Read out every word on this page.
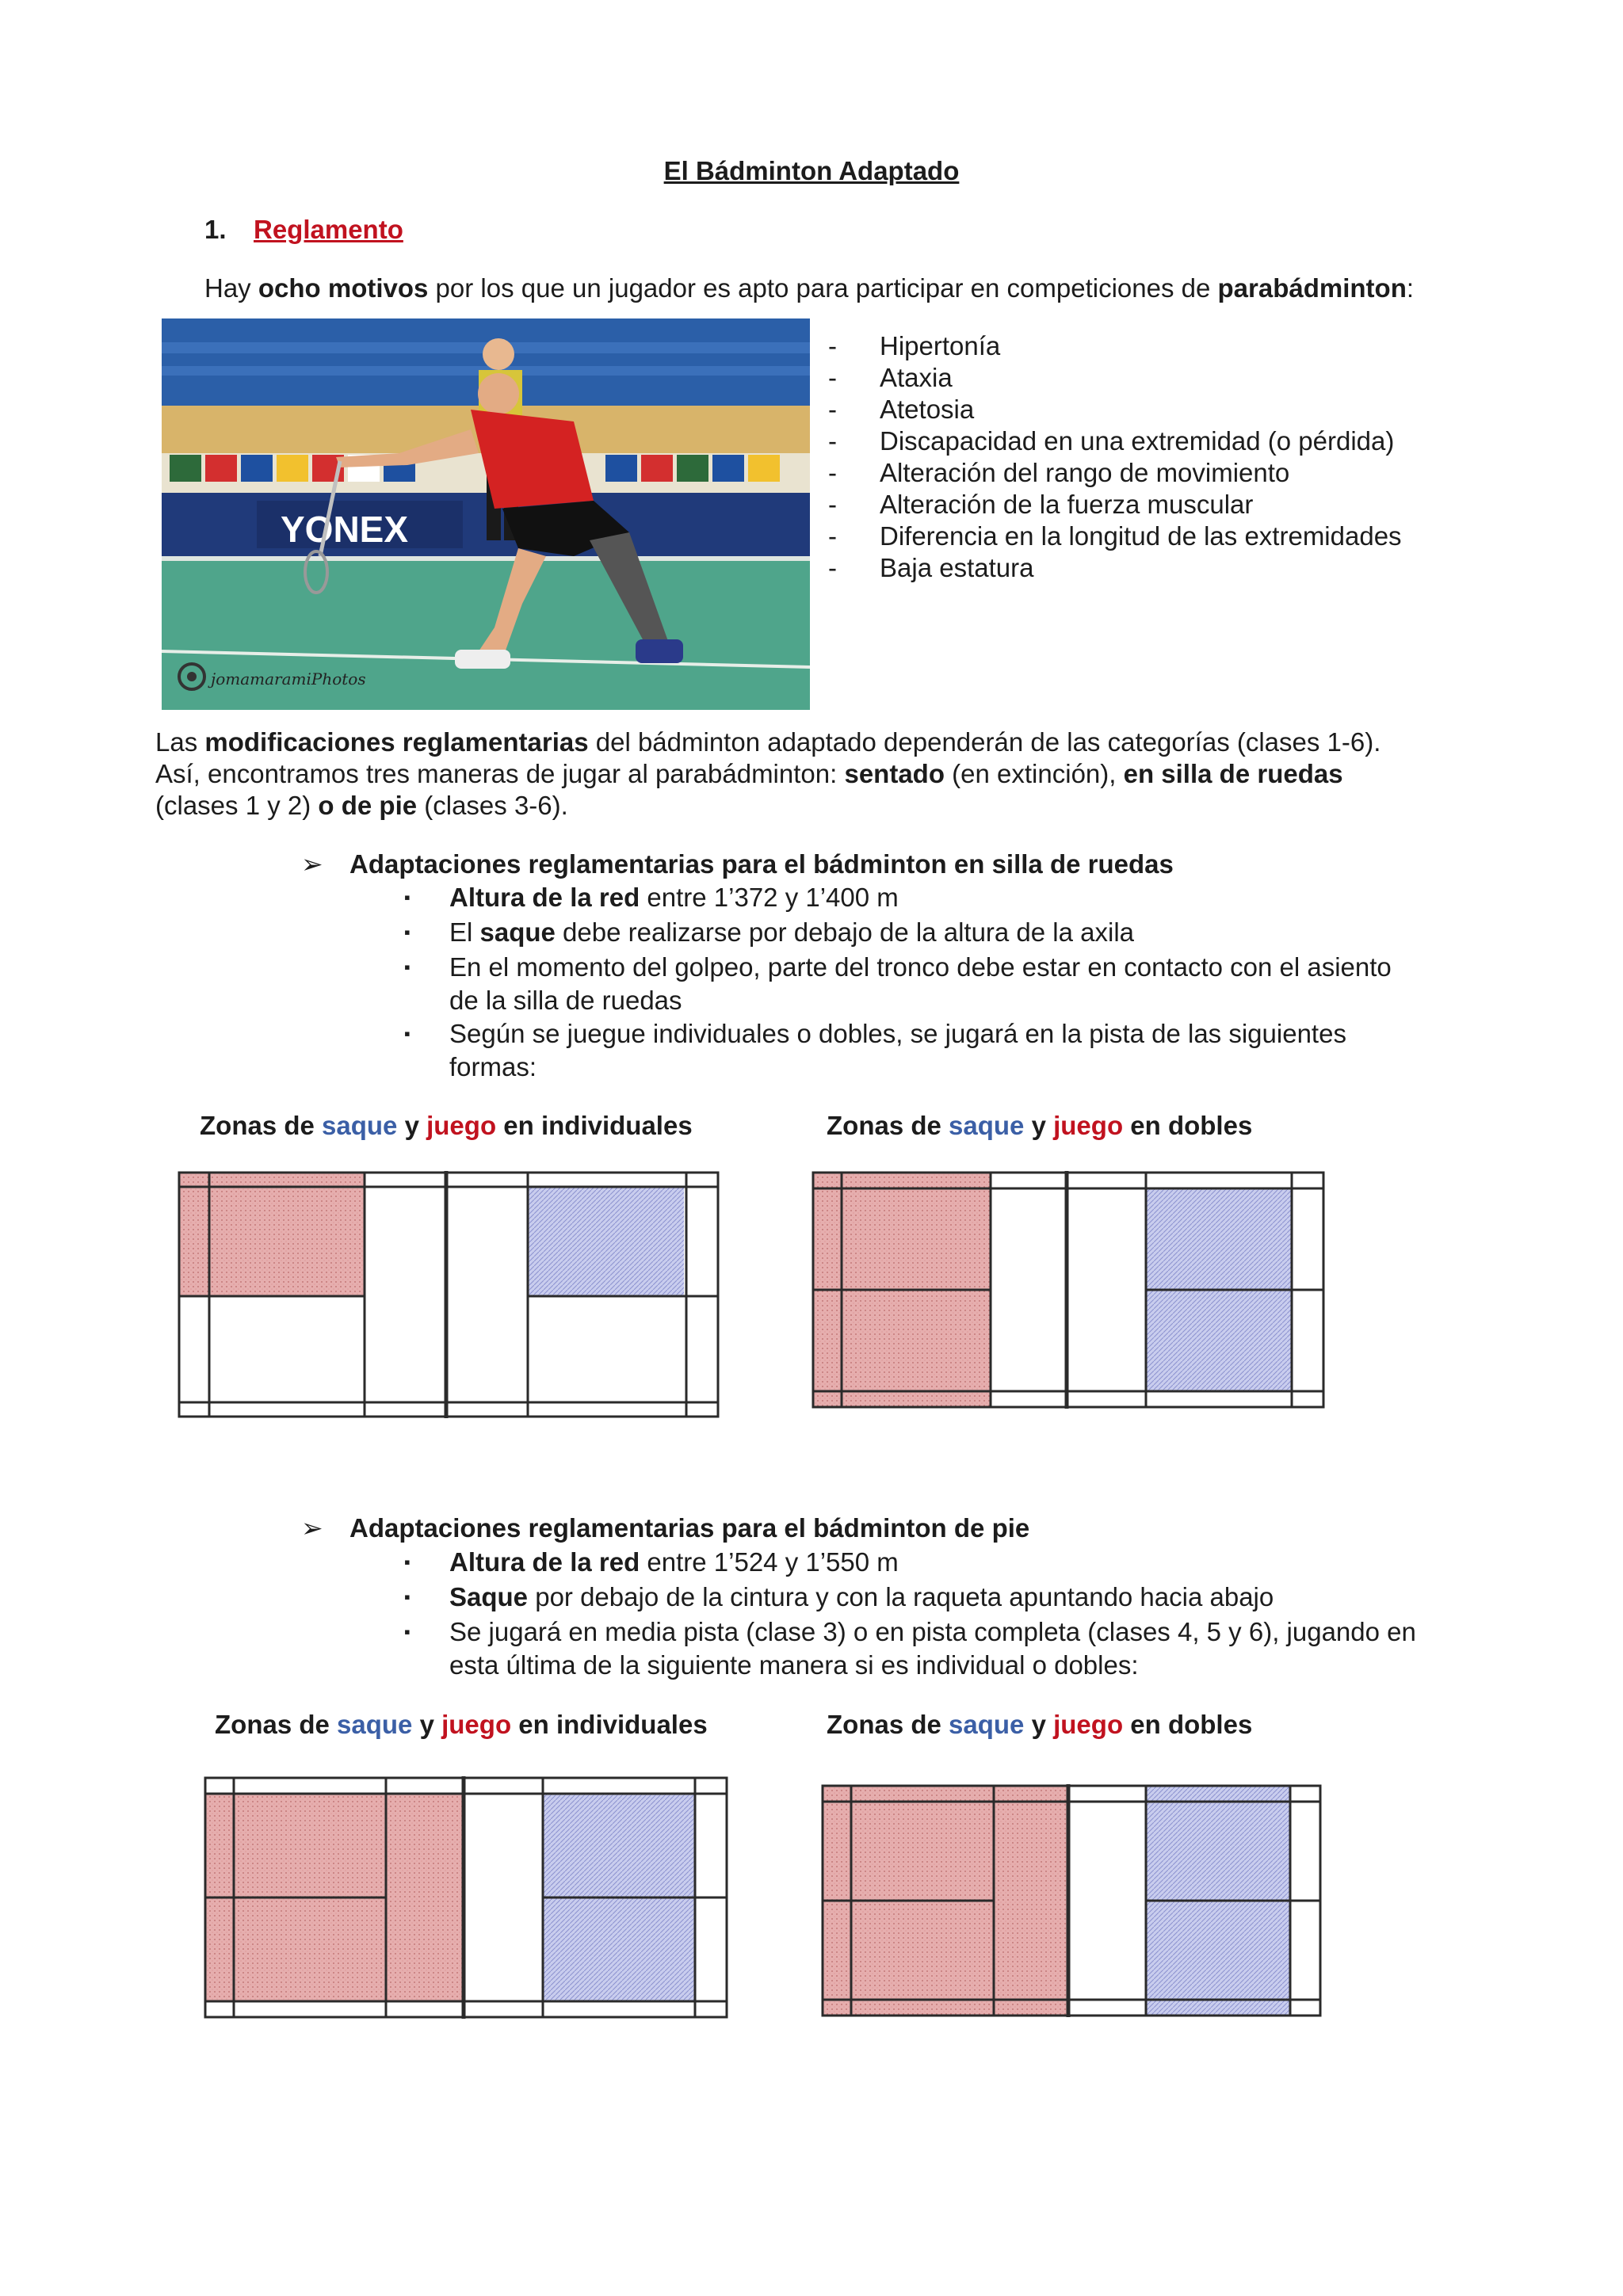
El Bádminton Adaptado
1. Reglamento
Hay ocho motivos por los que un jugador es apto para participar en competiciones de parabádminton:
YONEX
jomamaramiPhotos
- Hipertonía
- Ataxia
- Atetosia
- Discapacidad en una extremidad (o pérdida)
- Alteración del rango de movimiento
- Alteración de la fuerza muscular
- Diferencia en la longitud de las extremidades
- Baja estatura
Las modificaciones reglamentarias del bádminton adaptado dependerán de las categorías (clases 1-6).
Así, encontramos tres maneras de jugar al parabádminton: sentado (en extinción), en silla de ruedas
(clases 1 y 2) o de pie (clases 3-6).
➢ Adaptaciones reglamentarias para el bádminton en silla de ruedas
▪ Altura de la red entre 1’372 y 1’400 m
▪ El saque debe realizarse por debajo de la altura de la axila
▪ En el momento del golpeo, parte del tronco debe estar en contacto con el asiento
de la silla de ruedas
▪ Según se juegue individuales o dobles, se jugará en la pista de las siguientes
formas:
Zonas de saque y juego en individuales	Zonas de saque y juego en dobles
➢ Adaptaciones reglamentarias para el bádminton de pie
▪ Altura de la red entre 1’524 y 1’550 m
▪ Saque por debajo de la cintura y con la raqueta apuntando hacia abajo
▪ Se jugará en media pista (clase 3) o en pista completa (clases 4, 5 y 6), jugando en
esta última de la siguiente manera si es individual o dobles:
Zonas de saque y juego en individuales	Zonas de saque y juego en dobles
